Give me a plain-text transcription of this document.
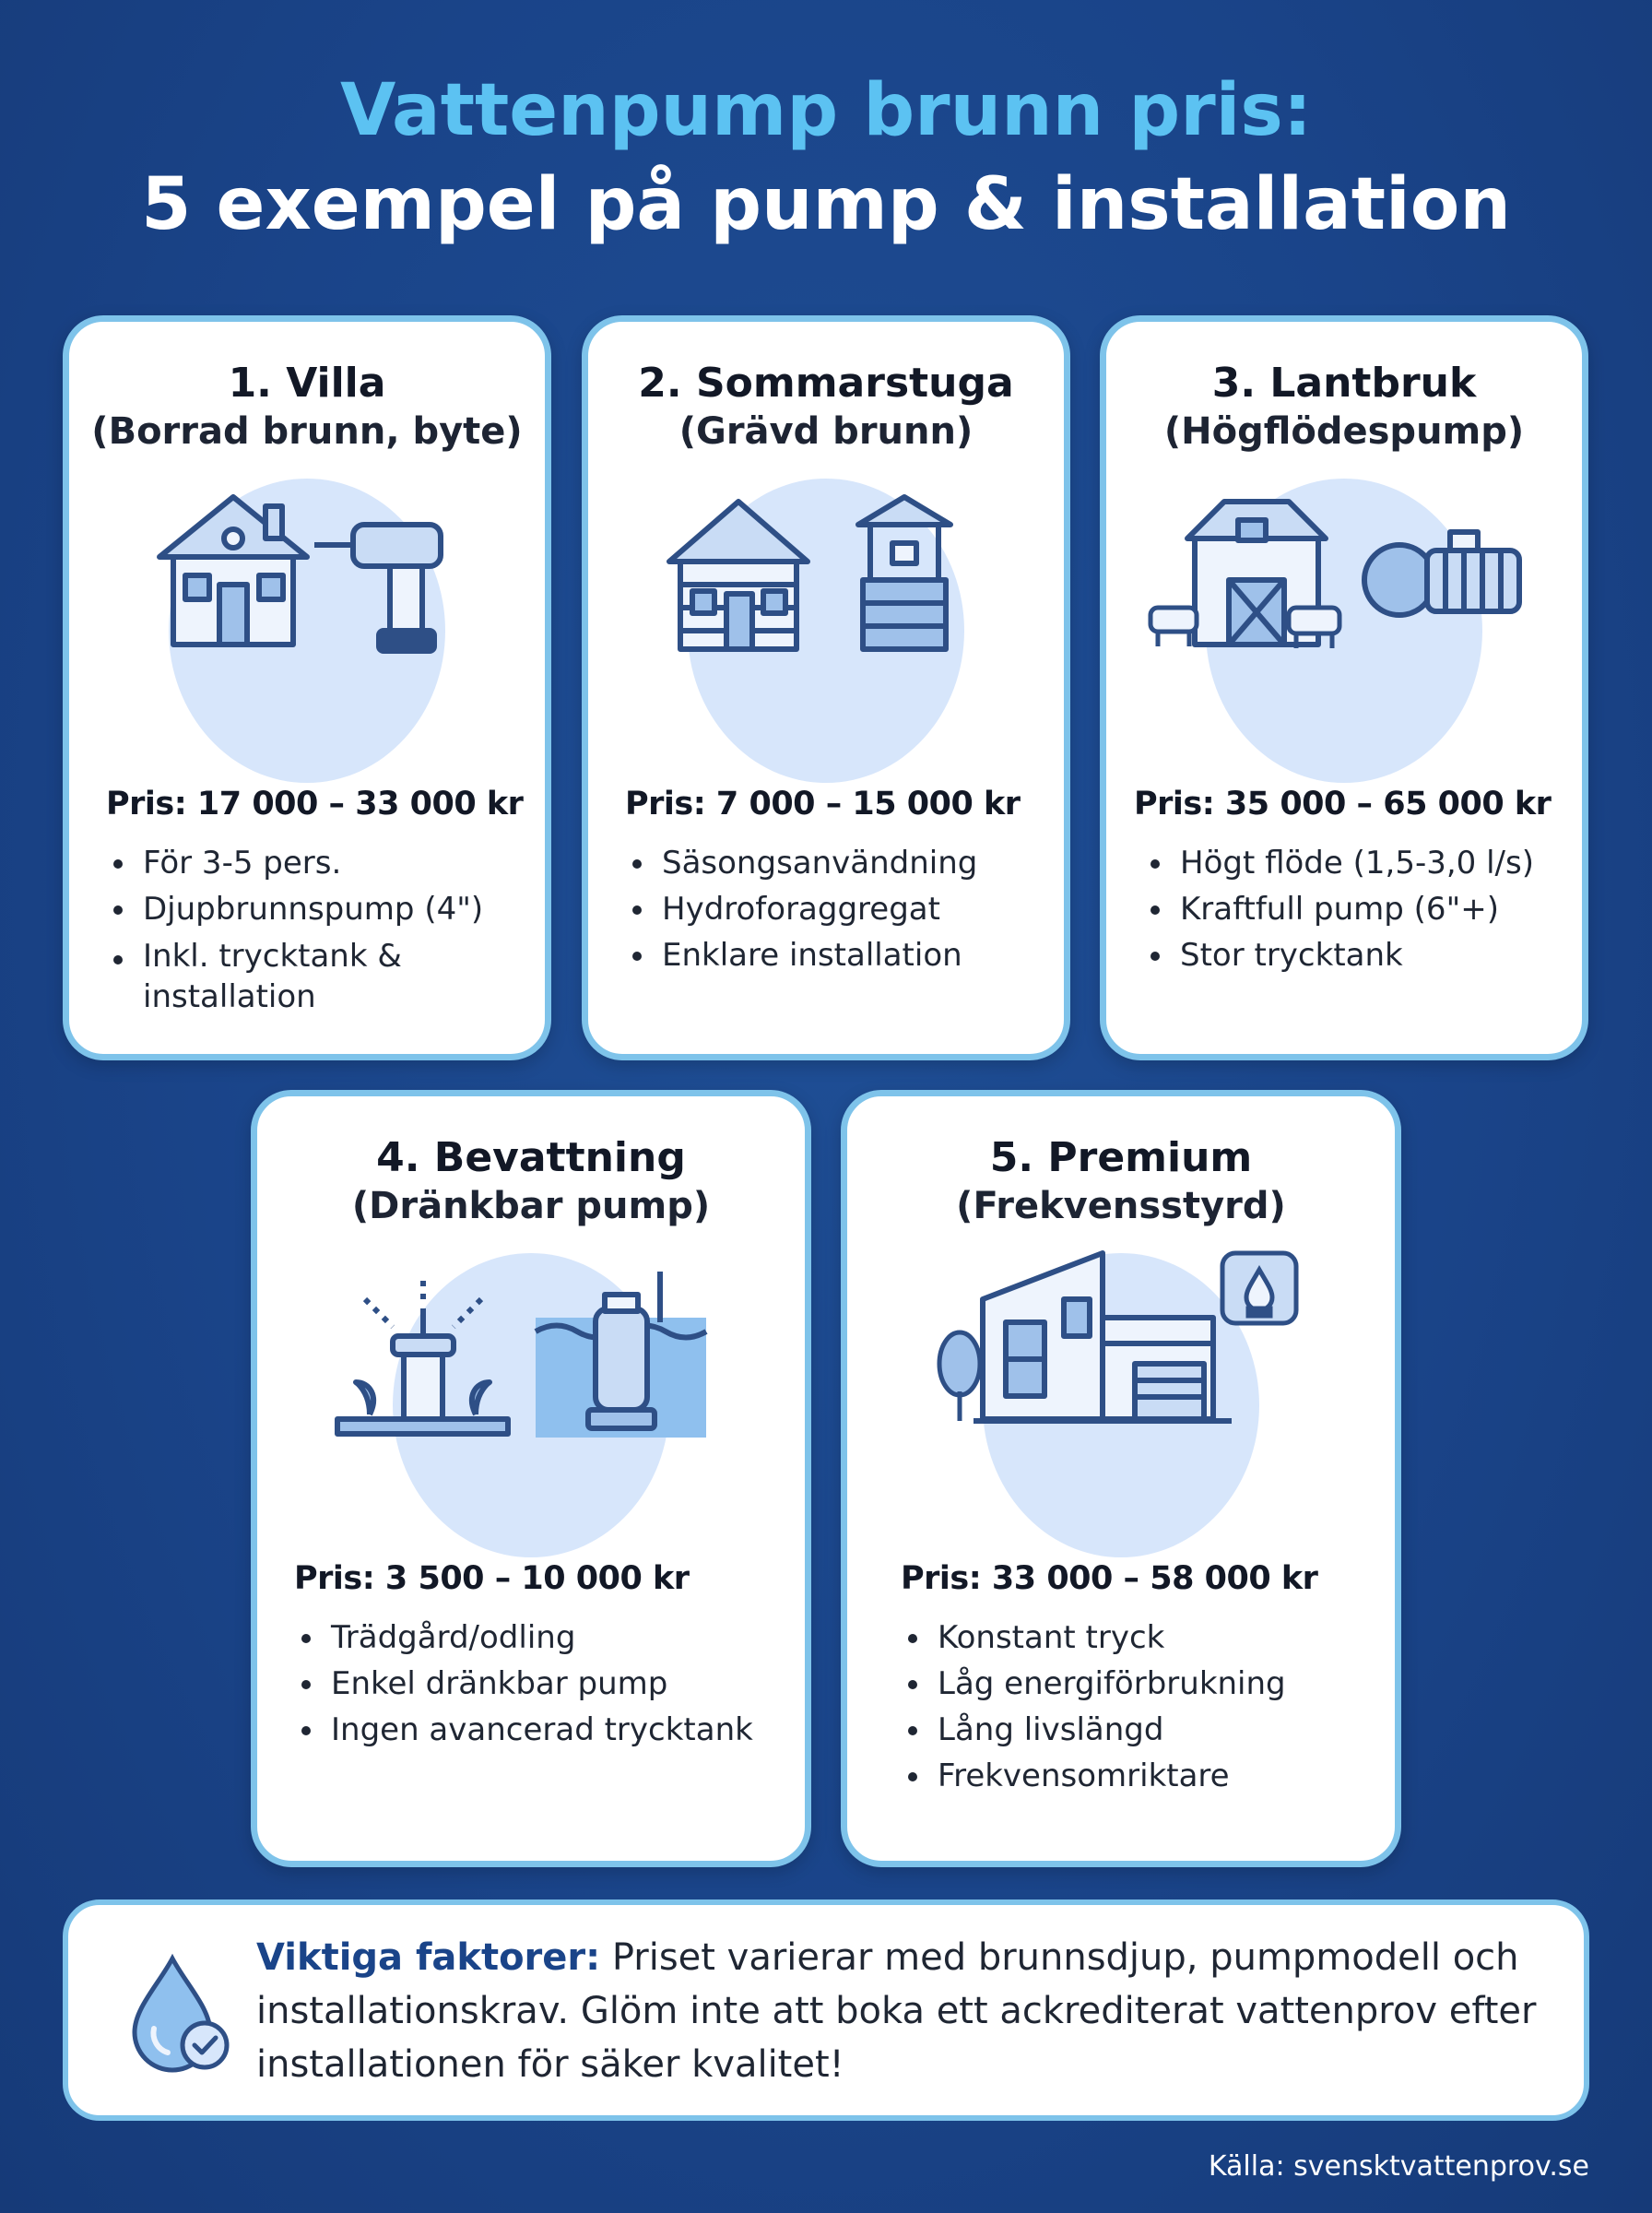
Vattenpump brunn pris:
5 exempel på pump & installation
1. Villa
(Borrad brunn, byte)
Pris: 17 000 – 33 000 kr
För 3-5 pers.
Djupbrunnspump (4")
Inkl. trycktank & installation
2. Sommarstuga
(Grävd brunn)
Pris: 7 000 – 15 000 kr
Säsongsanvändning
Hydroforaggregat
Enklare installation
3. Lantbruk
(Högflödespump)
Pris: 35 000 – 65 000 kr
Högt flöde (1,5-3,0 l/s)
Kraftfull pump (6"+)
Stor trycktank
4. Bevattning
(Dränkbar pump)
Pris: 3 500 – 10 000 kr
Trädgård/odling
Enkel dränkbar pump
Ingen avancerad trycktank
5. Premium
(Frekvensstyrd)
Pris: 33 000 – 58 000 kr
Konstant tryck
Låg energiförbrukning
Lång livslängd
Frekvensomriktare
Viktiga faktorer: Priset varierar med brunnsdjup, pumpmodell och installationskrav. Glöm inte att boka ett ackrediterat vattenprov efter installationen för säker kvalitet!
Källa: svensktvattenprov.se
